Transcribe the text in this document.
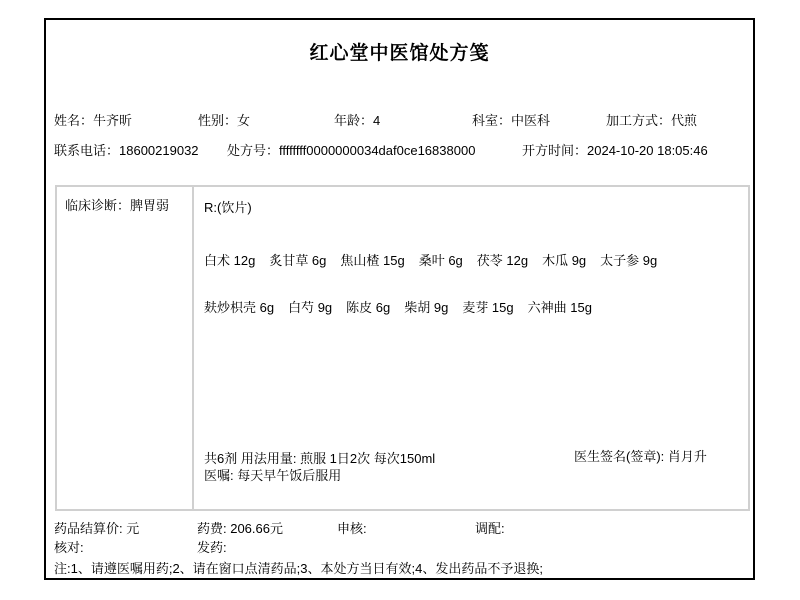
红心堂中医馆处方笺
姓名：牛齐昕	性别：女	年龄：4	科室：中医科	加工方式：代煎
联系电话：18600219032 处方号：ffffffff0000000034daf0ce16838000	开方时间：2024-10-20 18:05:46
临床诊断：脾胃弱	R:(饮片)
白术 12g 炙甘草 6g 焦山楂 15g 桑叶 6g 茯苓 12g 木瓜 9g 太子参 9g
麸炒枳壳 6g 白芍 9g 陈皮 6g 柴胡 9g 麦芽 15g 六神曲 15g
共6剂 用法用量: 煎服 1日2次 每次150ml
医嘱: 每天早午饭后服用
医生签名(签章): 肖月升
药品结算价: 元	药费: 206.66元	申核:	调配:
核对:	发药:
注:1、请遵医嘱用药;2、请在窗口点清药品;3、本处方当日有效;4、发出药品不予退换;
